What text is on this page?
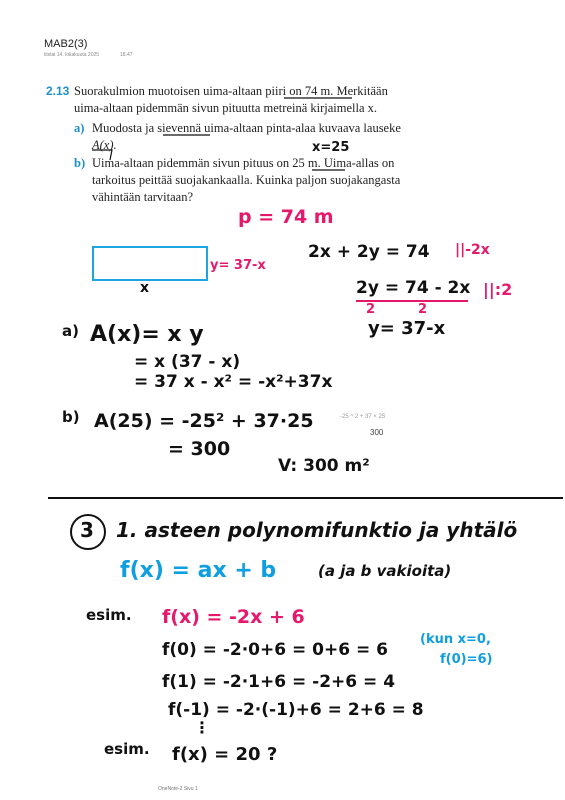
MAB2(3)
tiistai 14. lokakuuta 2025	18.47
2.13 Suorakulmion muotoisen uima-altaan piiri on 74 m. Merkitään
uima-altaan pidemmän sivun pituutta metreinä kirjaimella x.
a) Muodosta ja sievennä uima-altaan pinta-alaa kuvaava lauseke
A(x).
b) Uima-altaan pidemmän sivun pituus on 25 m. Uima-allas on
tarkoitus peittää suojakankaalla. Kuinka paljon suojakangasta
vähintään tarvitaan?
x=25
p = 74 m
y= 37-x
x
2x + 2y = 74 ||-2x
2y = 74 - 2x
2	2
||:2
y= 37-x
a) A(x)= x y
= x (37 - x)
= 37 x - x² = -x²+37x
b) A(25) = -25² + 37·25
= 300
-25 ^ 2 + 37 × 25
300
V: 300 m²
3 1. asteen polynomifunktio ja yhtälö
f(x) = ax + b	(a ja b vakioita)
esim. f(x) = -2x + 6
f(0) = -2·0+6 = 0+6 = 6
f(1) = -2·1+6 = -2+6 = 4
f(-1) = -2·(-1)+6 = 2+6 = 8
⋮
(kun x=0,
f(0)=6)
esim. f(x) = 20 ?
OneNote-2 Sivu 1
